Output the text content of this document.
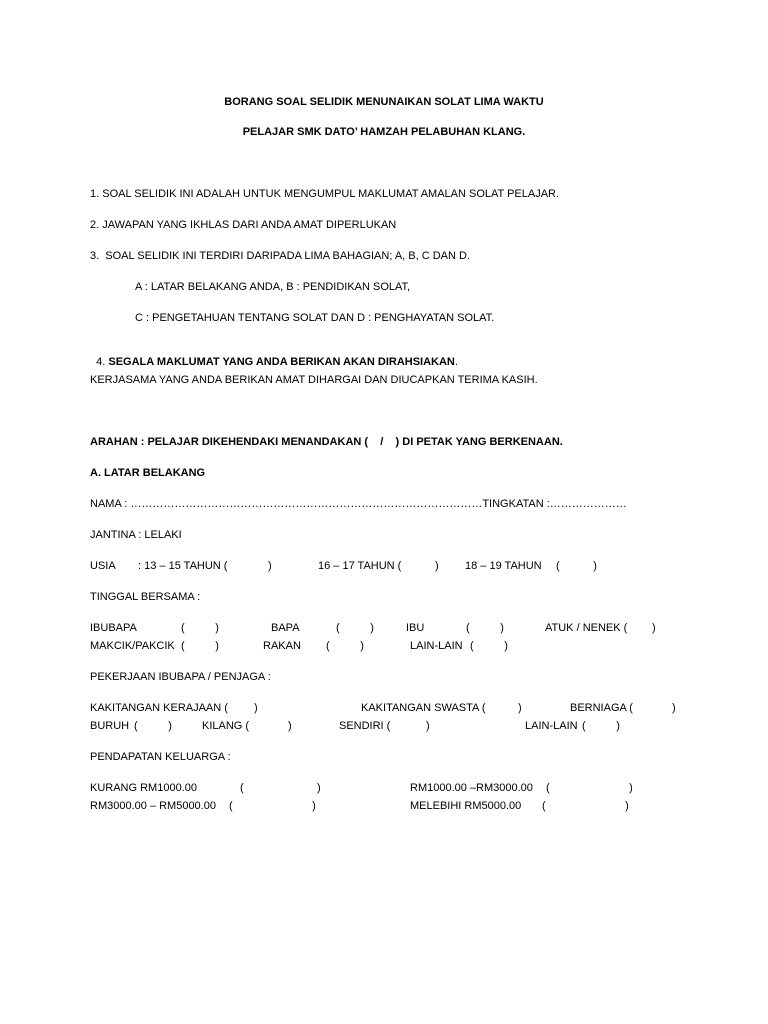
BORANG SOAL SELIDIK MENUNAIKAN SOLAT LIMA WAKTU
PELAJAR SMK DATO’ HAMZAH PELABUHAN KLANG.
1. SOAL SELIDIK INI ADALAH UNTUK MENGUMPUL MAKLUMAT AMALAN SOLAT PELAJAR.
2. JAWAPAN YANG IKHLAS DARI ANDA AMAT DIPERLUKAN
3.  SOAL SELIDIK INI TERDIRI DARIPADA LIMA BAHAGIAN; A, B, C DAN D.
A : LATAR BELAKANG ANDA, B : PENDIDIKAN SOLAT,
C : PENGETAHUAN TENTANG SOLAT DAN D : PENGHAYATAN SOLAT.

4. SEGALA MAKLUMAT YANG ANDA BERIKAN AKAN DIRAHSIAKAN.

KERJASAMA YANG ANDA BERIKAN AMAT DIHARGAI DAN DIUCAPKAN TERIMA KASIH.
ARAHAN : PELAJAR DIKEHENDAKI MENANDAKAN (    /    ) DI PETAK YANG BERKENAAN.
A. LATAR BELAKANG
NAMA : ……………………………………………………………………………………TINGKATAN :…………………
JANTINA : LELAKI
USIA : 13 – 15 TAHUN (	)	16 – 17 TAHUN (	) 18 – 19 TAHUN (           )
TINGGAL BERSAMA :
IBUBAPA	(          )	BAPA	(          )	IBU	(          )	ATUK / NENEK ( )
MAKCIK/PAKCIK (          )	RAKAN (          )	LAIN-LAIN (          )
PEKERJAAN IBUBAPA / PENJAGA :
KAKITANGAN KERAJAAN ( )	KAKITANGAN SWASTA (	)	BERNIAGA (	)
BURUH (          )	KILANG (	)	SENDIRI (	)	LAIN-LAIN (          )
PENDAPATAN KELUARGA :
KURANG RM1000.00	(                        )	RM1000.00 –RM3000.00 (                          )
RM3000.00 – RM5000.00 (                          )	MELEBIHI RM5000.00 (                          )
